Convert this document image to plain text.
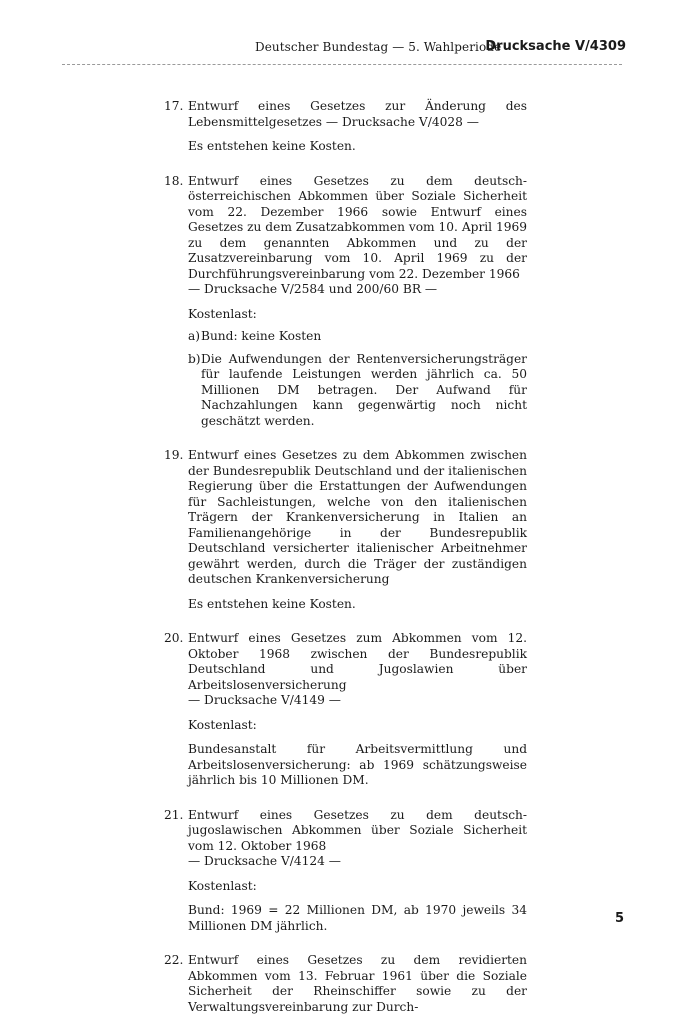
Deutscher Bundestag — 5. Wahlperiode
Drucksache V/4309
17. Entwurf eines Gesetzes zur Änderung des Lebensmittelgesetzes — Drucksache V/4028 —

Es entstehen keine Kosten.

18. Entwurf eines Gesetzes zu dem deutsch-österreichischen Abkommen über Soziale Sicherheit vom 22. Dezember 1966 sowie Entwurf eines Gesetzes zu dem Zusatzabkommen vom 10. April 1969 zu dem genannten Abkommen und zu der Zusatzvereinbarung vom 10. April 1969 zu der Durchführungsvereinbarung vom 22. Dezember 1966

— Drucksache V/2584 und 200/60 BR —

Kostenlast:

a) Bund: keine Kosten
b) Die Aufwendungen der Rentenversicherungsträger für laufende Leistungen werden jährlich ca. 50 Millionen DM betragen. Der Aufwand für Nachzahlungen kann gegenwärtig noch nicht geschätzt werden.
19. Entwurf eines Gesetzes zu dem Abkommen zwischen der Bundesrepublik Deutschland und der italienischen Regierung über die Erstattungen der Aufwendungen für Sachleistungen, welche von den italienischen Trägern der Krankenversicherung in Italien an Familienangehörige in der Bundesrepublik Deutschland versicherter italienischer Arbeitnehmer gewährt werden, durch die Träger der zuständigen deutschen Krankenversicherung

Es entstehen keine Kosten.

20. Entwurf eines Gesetzes zum Abkommen vom 12. Oktober 1968 zwischen der Bundesrepublik Deutschland und Jugoslawien über Arbeitslosenversicherung

— Drucksache V/4149 —

Kostenlast:

Bundesanstalt für Arbeitsvermittlung und Arbeitslosenversicherung: ab 1969 schätzungsweise jährlich bis 10 Millionen DM.

21. Entwurf eines Gesetzes zu dem deutsch-jugoslawischen Abkommen über Soziale Sicherheit vom 12. Oktober 1968

— Drucksache V/4124 —

Kostenlast:

Bund: 1969 = 22 Millionen DM, ab 1970 jeweils 34 Millionen DM jährlich.

22. Entwurf eines Gesetzes zu dem revidierten Abkommen vom 13. Februar 1961 über die Soziale Sicherheit der Rheinschiffer sowie zu der Verwaltungsvereinbarung zur Durch-

5
